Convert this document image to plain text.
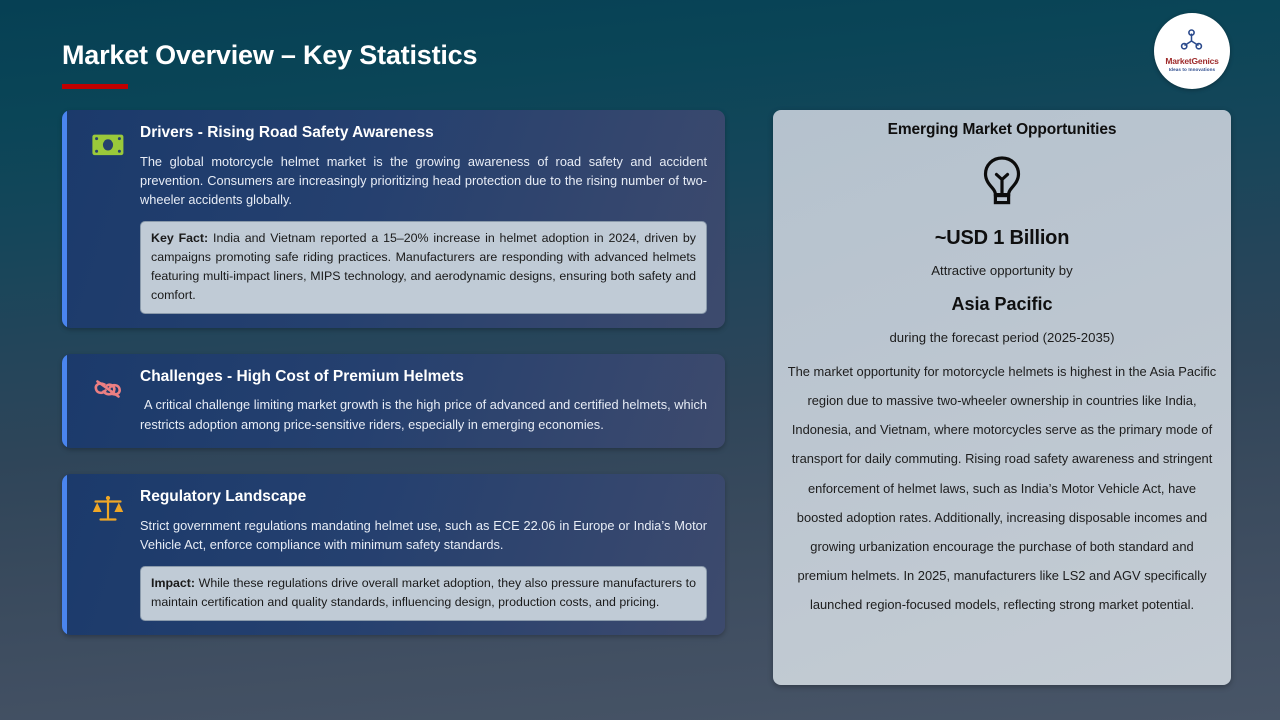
Market Overview – Key Statistics	MarketGenics
Ideas to Innovations
Drivers - Rising Road Safety Awareness
The global motorcycle helmet market is the growing awareness of road safety and accident prevention. Consumers are increasingly prioritizing head protection due to the rising number of two-wheeler accidents globally.
Key Fact: India and Vietnam reported a 15–20% increase in helmet adoption in 2024, driven by campaigns promoting safe riding practices. Manufacturers are responding with advanced helmets featuring multi-impact liners, MIPS technology, and aerodynamic designs, ensuring both safety and comfort.
Challenges - High Cost of Premium Helmets
A critical challenge limiting market growth is the high price of advanced and certified helmets, which restricts adoption among price-sensitive riders, especially in emerging economies.
Regulatory Landscape
Strict government regulations mandating helmet use, such as ECE 22.06 in Europe or India’s Motor Vehicle Act, enforce compliance with minimum safety standards.
Impact: While these regulations drive overall market adoption, they also pressure manufacturers to maintain certification and quality standards, influencing design, production costs, and pricing.
Emerging Market Opportunities
~USD 1 Billion
Attractive opportunity by
Asia Pacific
during the forecast period (2025-2035)
The market opportunity for motorcycle helmets is highest in the Asia Pacific region due to massive two-wheeler ownership in countries like India, Indonesia, and Vietnam, where motorcycles serve as the primary mode of transport for daily commuting. Rising road safety awareness and stringent enforcement of helmet laws, such as India’s Motor Vehicle Act, have boosted adoption rates. Additionally, increasing disposable incomes and growing urbanization encourage the purchase of both standard and premium helmets. In 2025, manufacturers like LS2 and AGV specifically launched region-focused models, reflecting strong market potential.
